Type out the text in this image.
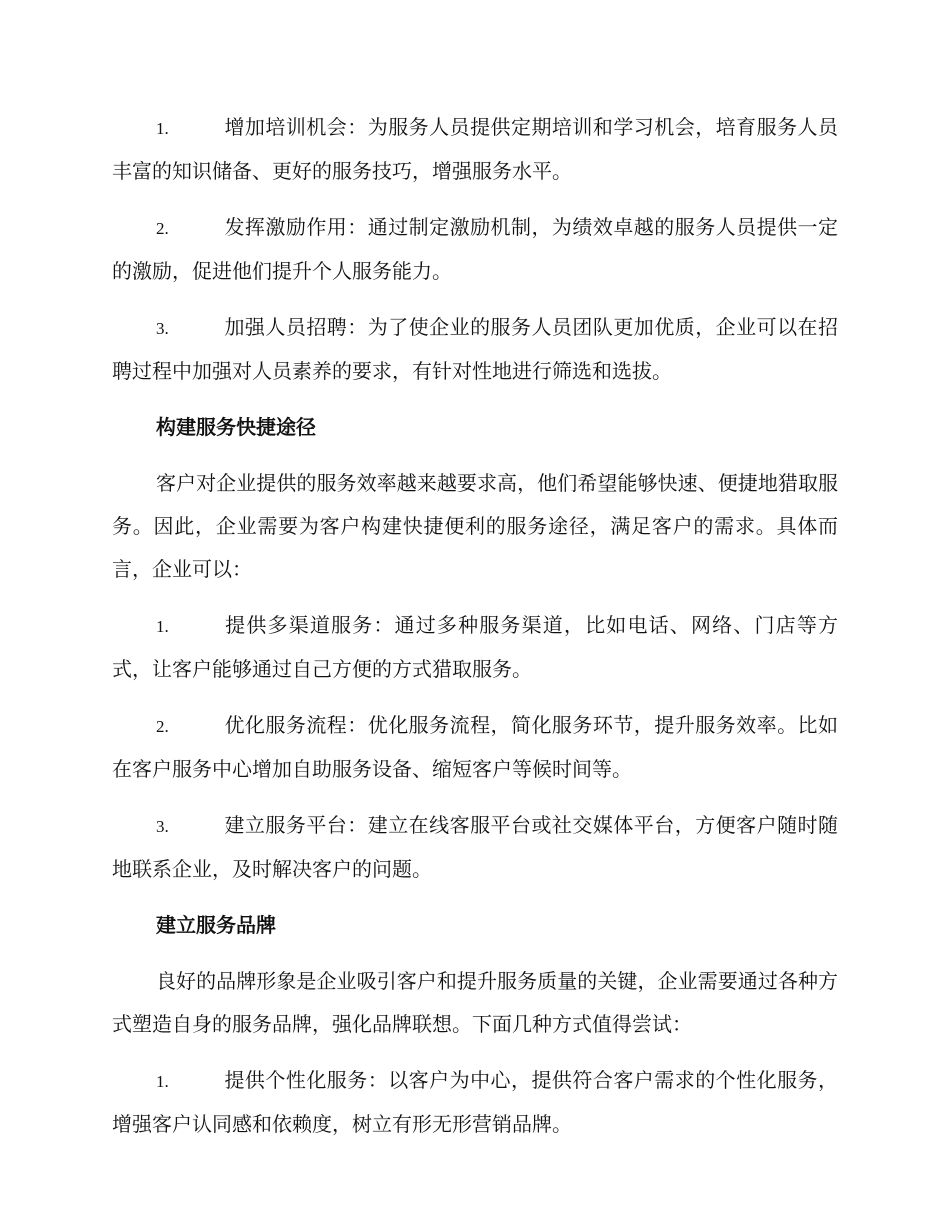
1.	增加培训机会：为服务人员提供定期培训和学习机会，培育服务人员丰富的知识储备、更好的服务技巧，增强服务水平。

2.	发挥激励作用：通过制定激励机制，为绩效卓越的服务人员提供一定的激励，促进他们提升个人服务能力。

3.	加强人员招聘：为了使企业的服务人员团队更加优质，企业可以在招聘过程中加强对人员素养的要求，有针对性地进行筛选和选拔。

构建服务快捷途径

客户对企业提供的服务效率越来越要求高，他们希望能够快速、便捷地猎取服务。因此，企业需要为客户构建快捷便利的服务途径，满足客户的需求。具体而言，企业可以：

1.	提供多渠道服务：通过多种服务渠道，比如电话、网络、门店等方式，让客户能够通过自己方便的方式猎取服务。

2.	优化服务流程：优化服务流程，简化服务环节，提升服务效率。比如在客户服务中心增加自助服务设备、缩短客户等候时间等。

3.	建立服务平台：建立在线客服平台或社交媒体平台，方便客户随时随地联系企业，及时解决客户的问题。

建立服务品牌

良好的品牌形象是企业吸引客户和提升服务质量的关键，企业需要通过各种方式塑造自身的服务品牌，强化品牌联想。下面几种方式值得尝试：

1.	提供个性化服务：以客户为中心，提供符合客户需求的个性化服务，增强客户认同感和依赖度，树立有形无形营销品牌。
